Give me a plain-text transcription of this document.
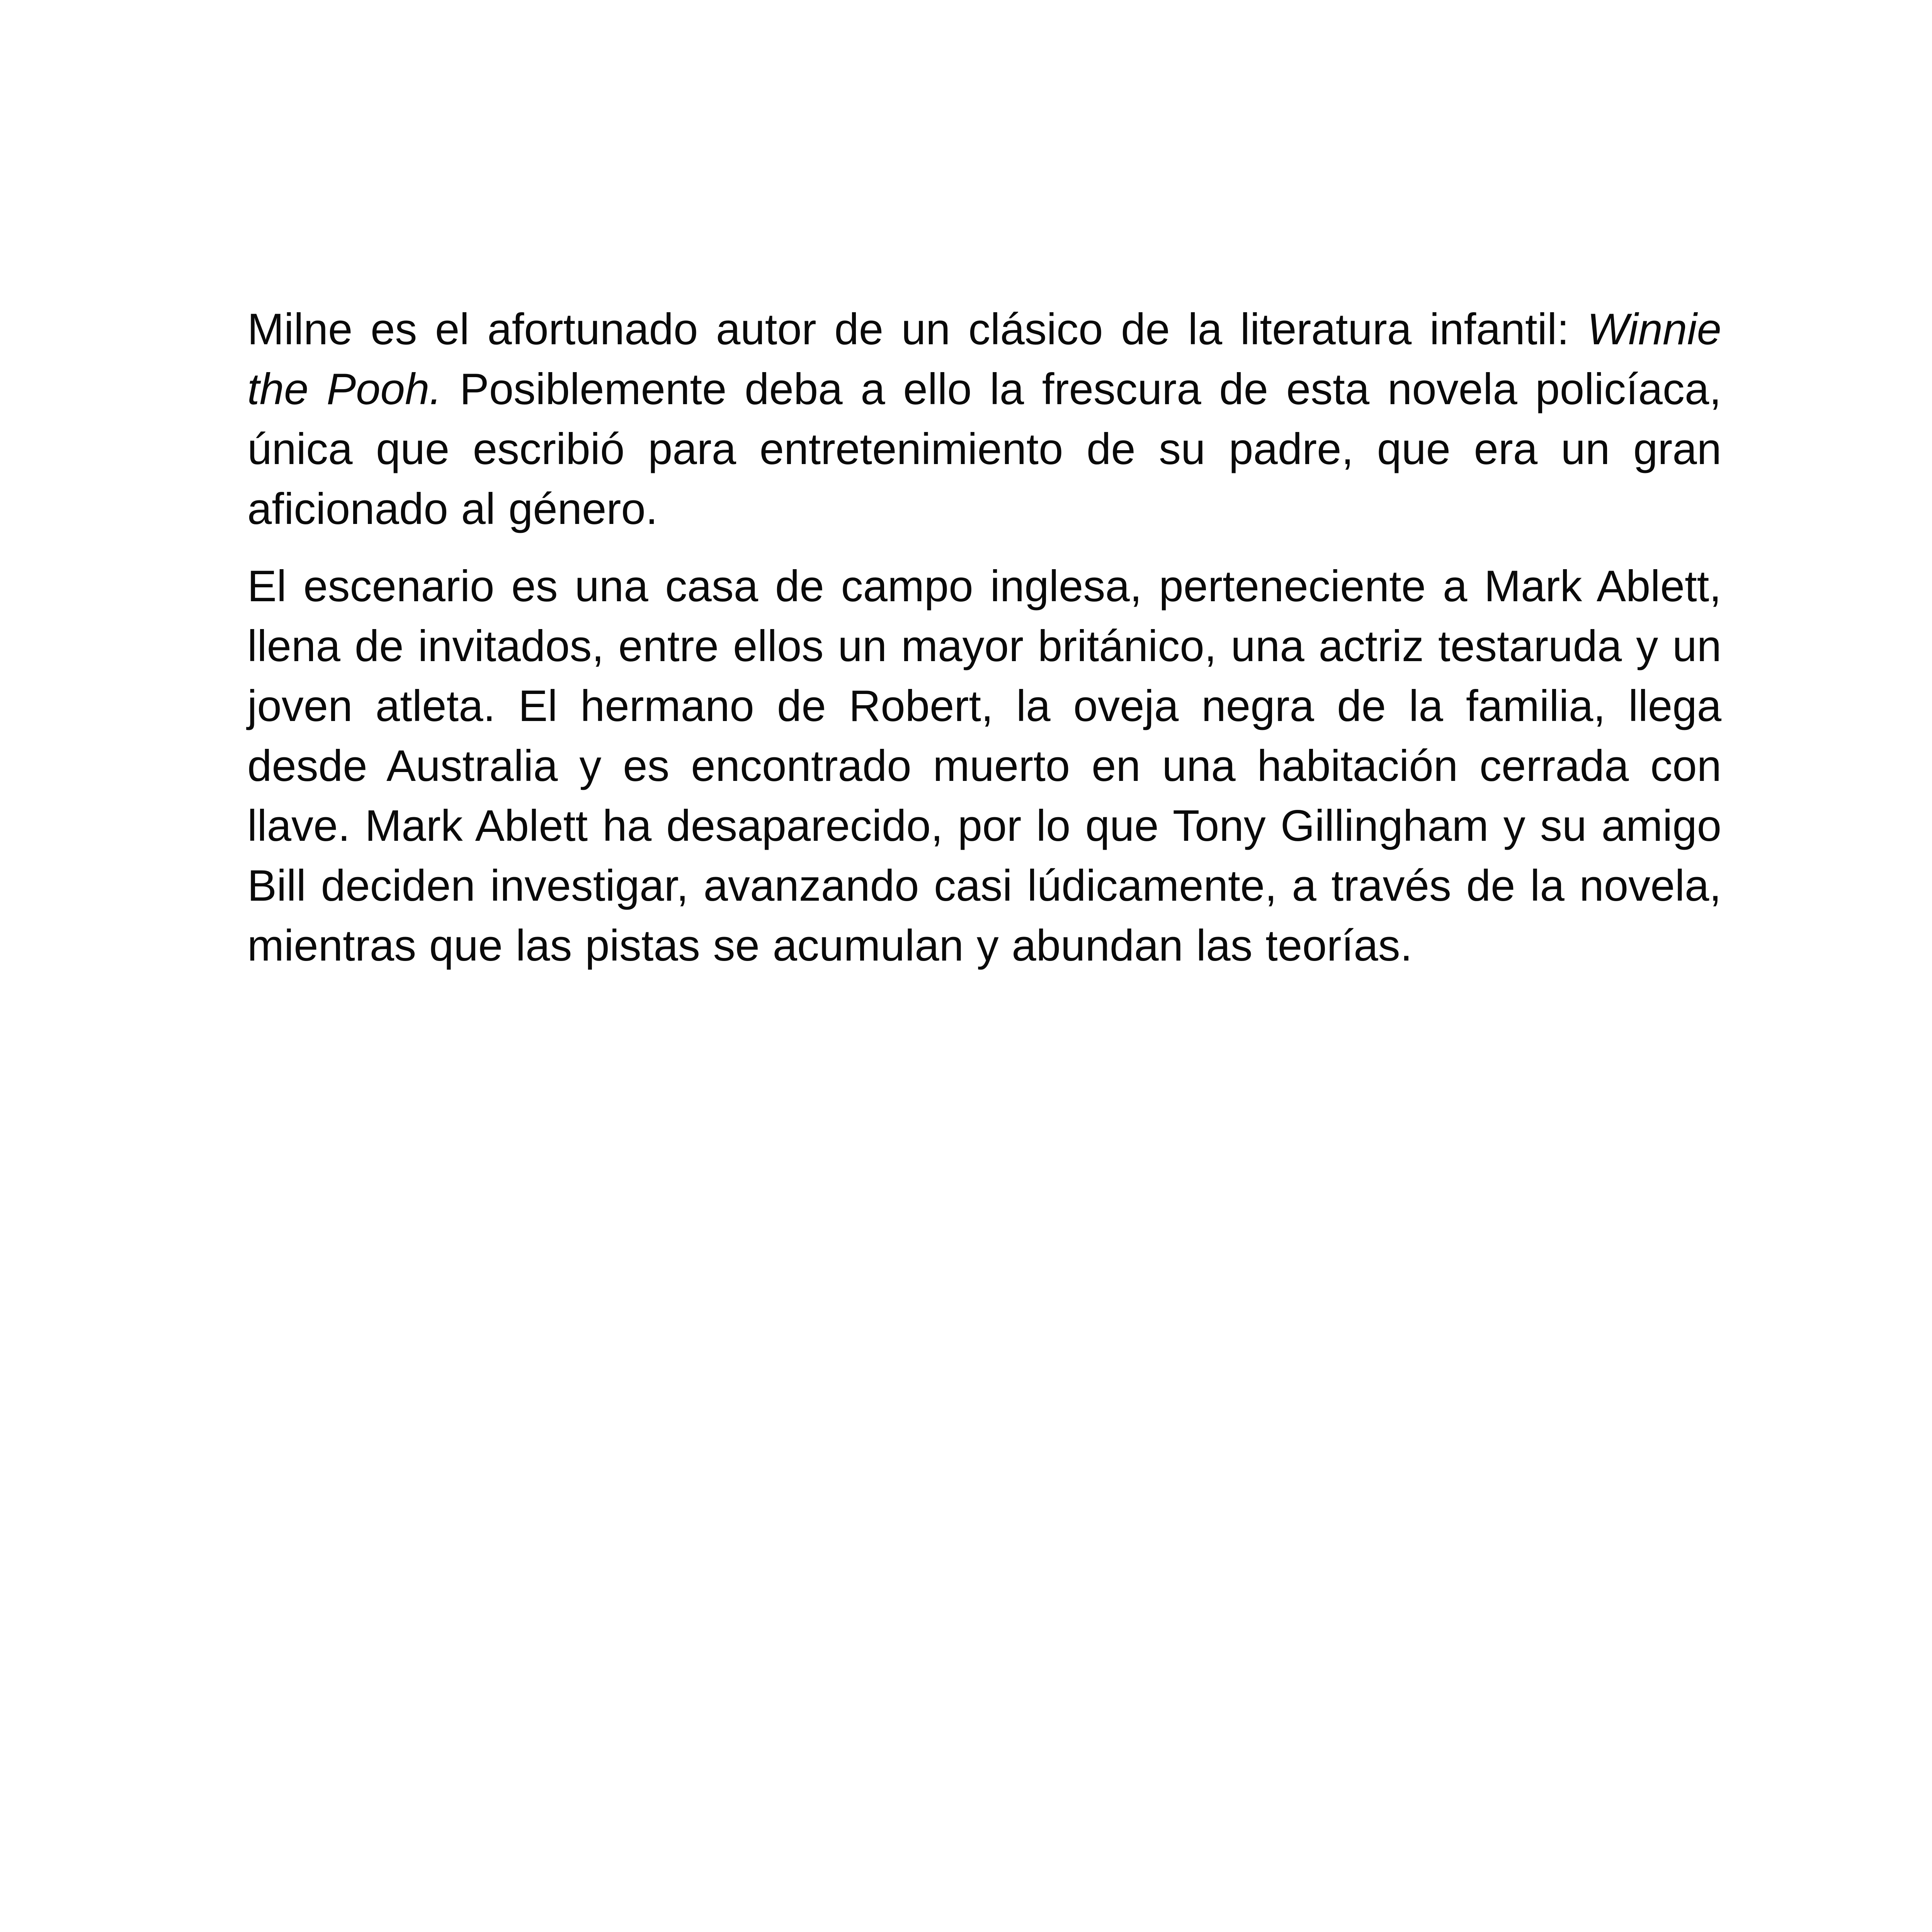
Milne es el afortunado autor de un clásico de la literatura infantil: Winnie the Pooh. Posiblemente deba a ello la frescura de esta novela policíaca, única que escribió para entretenimiento de su padre, que era un gran aficionado al género.

El escenario es una casa de campo inglesa, perteneciente a Mark Ablett, llena de invitados, entre ellos un mayor británico, una actriz testaruda y un joven atleta. El hermano de Robert, la oveja negra de la familia, llega desde Australia y es encontrado muerto en una habitación cerrada con llave. Mark Ablett ha desaparecido, por lo que Tony Gillingham y su amigo Bill deciden investigar, avanzando casi lúdicamente, a través de la novela, mientras que las pistas se acumulan y abundan las teorías.
